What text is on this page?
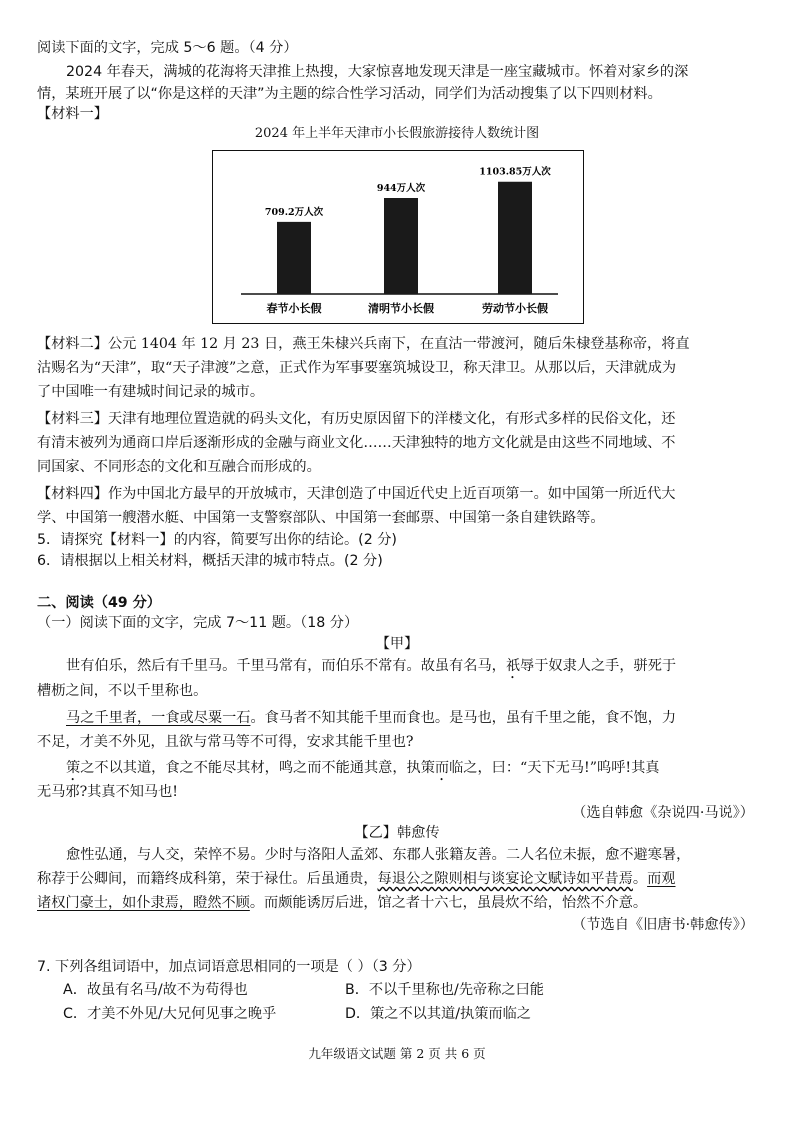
阅读下面的文字，完成 5～6 题。（4 分）
2024 年春天，满城的花海将天津推上热搜，大家惊喜地发现天津是一座宝藏城市。怀着对家乡的深
情，某班开展了以“你是这样的天津”为主题的综合性学习活动，同学们为活动搜集了以下四则材料。
【材料一】
2024 年上半年天津市小长假旅游接待人数统计图
709.2万人次
春节小长假
944万人次
清明节小长假
1103.85万人次
劳动节小长假
【材料二】公元 1404 年 12 月 23 日，燕王朱棣兴兵南下，在直沽一带渡河，随后朱棣登基称帝，将直
沽赐名为“天津”，取“天子津渡”之意，正式作为军事要塞筑城设卫，称天津卫。从那以后，天津就成为
了中国唯一有建城时间记录的城市。
【材料三】天津有地理位置造就的码头文化，有历史原因留下的洋楼文化，有形式多样的民俗文化，还
有清末被列为通商口岸后逐渐形成的金融与商业文化……天津独特的地方文化就是由这些不同地域、不
同国家、不同形态的文化和互融合而形成的。
【材料四】作为中国北方最早的开放城市，天津创造了中国近代史上近百项第一。如中国第一所近代大
学、中国第一艘潜水艇、中国第一支警察部队、中国第一套邮票、中国第一条自建铁路等。
5．请探究【材料一】的内容，简要写出你的结论。(2 分)
6．请根据以上相关材料，概括天津的城市特点。(2 分)
二、阅读（49 分）
（一）阅读下面的文字，完成 7～11 题。（18 分）
【甲】
世有伯乐，然后有千里马。千里马常有，而伯乐不常有。故虽有名马，祇辱于奴隶人之手，骈死于
槽枥之间，不以千里称也。
马之千里者，一食或尽粟一石。食马者不知其能千里而食也。是马也，虽有千里之能，食不饱，力
不足，才美不外见，且欲与常马等不可得，安求其能千里也?
策之不以其道，食之不能尽其材，鸣之而不能通其意，执策而临之，曰：“天下无马!”呜呼!其真
无马邪?其真不知马也!
（选自韩愈《杂说四·马说》）
【乙】韩愈传
愈性弘通，与人交，荣悴不易。少时与洛阳人孟郊、东郡人张籍友善。二人名位未振，愈不避寒暑，
称荐于公卿间，而籍终成科第，荣于禄仕。后虽通贵，每退公之隙则相与谈宴论文赋诗如平昔焉。而观
诸权门豪士，如仆隶焉，瞪然不顾。而颇能诱厉后进，馆之者十六七，虽晨炊不给，怡然不介意。
（节选自《旧唐书·韩愈传》）
7. 下列各组词语中，加点词语意思相同的一项是（ ）（3 分）
A．故虽有名马/故不为苟得也	B．不以千里称也/先帝称之曰能
C．才美不外见/大兄何见事之晚乎	D．策之不以其道/执策而临之
九年级语文试题 第 2 页 共 6 页
